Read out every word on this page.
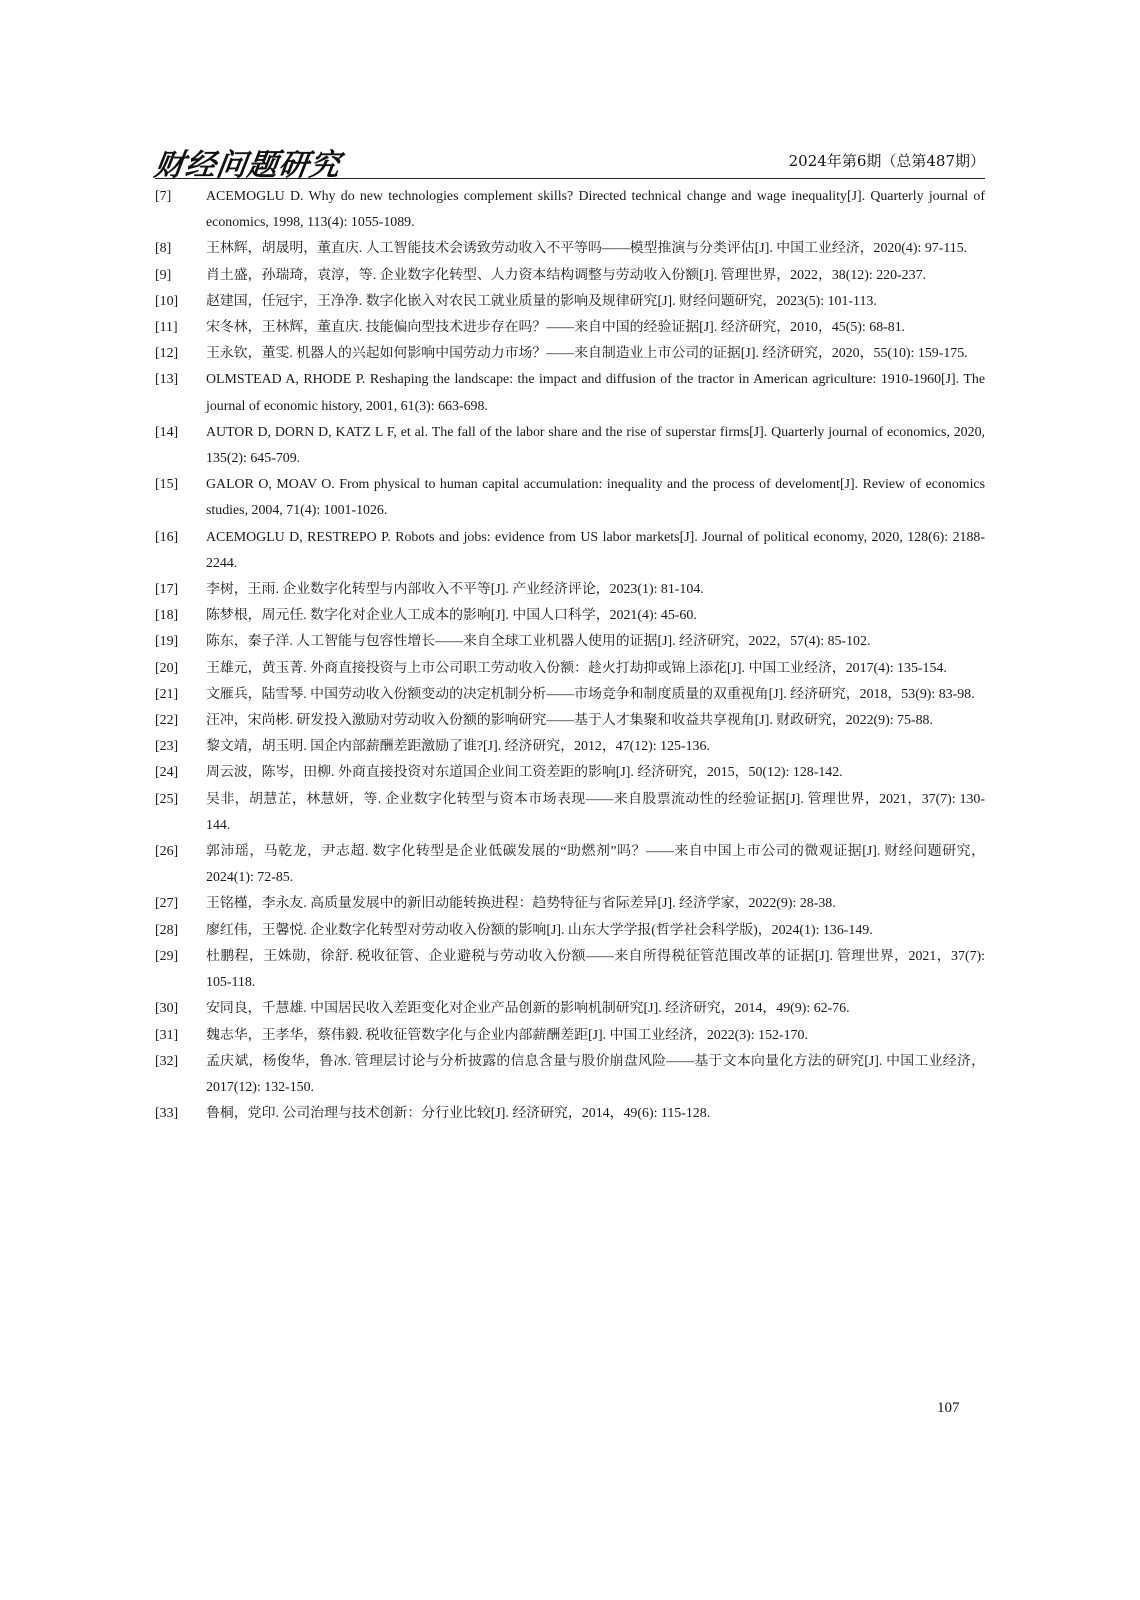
财经问题研究	2024年第6期（总第487期）
[7]	ACEMOGLU D. Why do new technologies complement skills? Directed technical change and wage inequality[J]. Quarterly journal of economics, 1998, 113(4): 1055-1089.
[8]	王林辉，胡晟明，董直庆. 人工智能技术会诱致劳动收入不平等吗——模型推演与分类评估[J]. 中国工业经济，2020(4): 97-115.
[9]	肖土盛，孙瑞琦，袁淳，等. 企业数字化转型、人力资本结构调整与劳动收入份额[J]. 管理世界，2022，38(12): 220-237.
[10] 赵建国，任冠宇，王净净. 数字化嵌入对农民工就业质量的影响及规律研究[J]. 财经问题研究，2023(5): 101-113.
[11] 宋冬林，王林辉，董直庆. 技能偏向型技术进步存在吗？——来自中国的经验证据[J]. 经济研究，2010，45(5): 68-81.
[12] 王永钦，董雯. 机器人的兴起如何影响中国劳动力市场？——来自制造业上市公司的证据[J]. 经济研究，2020，55(10): 159-175.
[13] OLMSTEAD A, RHODE P. Reshaping the landscape: the impact and diffusion of the tractor in American agriculture: 1910-1960[J]. The journal of economic history, 2001, 61(3): 663-698.
[14] AUTOR D, DORN D, KATZ L F, et al. The fall of the labor share and the rise of superstar firms[J]. Quarterly journal of economics, 2020, 135(2): 645-709.
[15] GALOR O, MOAV O. From physical to human capital accumulation: inequality and the process of develoment[J]. Review of economics studies, 2004, 71(4): 1001-1026.
[16] ACEMOGLU D, RESTREPO P. Robots and jobs: evidence from US labor markets[J]. Journal of political economy, 2020, 128(6): 2188-2244.
[17] 李树，王雨. 企业数字化转型与内部收入不平等[J]. 产业经济评论，2023(1): 81-104.
[18] 陈梦根，周元任. 数字化对企业人工成本的影响[J]. 中国人口科学，2021(4): 45-60.
[19] 陈东，秦子洋. 人工智能与包容性增长——来自全球工业机器人使用的证据[J]. 经济研究，2022，57(4): 85-102.
[20] 王雄元，黄玉菁. 外商直接投资与上市公司职工劳动收入份额：趁火打劫抑或锦上添花[J]. 中国工业经济，2017(4): 135-154.
[21] 文雁兵，陆雪琴. 中国劳动收入份额变动的决定机制分析——市场竞争和制度质量的双重视角[J]. 经济研究，2018，53(9): 83-98.
[22] 汪冲，宋尚彬. 研发投入激励对劳动收入份额的影响研究——基于人才集聚和收益共享视角[J]. 财政研究，2022(9): 75-88.
[23] 黎文靖，胡玉明. 国企内部薪酬差距激励了谁?[J]. 经济研究，2012，47(12): 125-136.
[24] 周云波，陈岑，田柳. 外商直接投资对东道国企业间工资差距的影响[J]. 经济研究，2015，50(12): 128-142.
[25] 吴非，胡慧芷，林慧妍，等. 企业数字化转型与资本市场表现——来自股票流动性的经验证据[J]. 管理世界，2021，37(7): 130-144.
[26] 郭沛瑶，马乾龙，尹志超. 数字化转型是企业低碳发展的“助燃剂”吗？——来自中国上市公司的微观证据[J]. 财经问题研究，2024(1): 72-85.
[27] 王铭槿，李永友. 高质量发展中的新旧动能转换进程：趋势特征与省际差异[J]. 经济学家，2022(9): 28-38.
[28] 廖红伟，王馨悦. 企业数字化转型对劳动收入份额的影响[J]. 山东大学学报(哲学社会科学版)，2024(1): 136-149.
[29] 杜鹏程，王姝勋，徐舒. 税收征管、企业避税与劳动收入份额——来自所得税征管范围改革的证据[J]. 管理世界，2021，37(7): 105-118.
[30] 安同良，千慧雄. 中国居民收入差距变化对企业产品创新的影响机制研究[J]. 经济研究，2014，49(9): 62-76.
[31] 魏志华，王孝华，蔡伟毅. 税收征管数字化与企业内部薪酬差距[J]. 中国工业经济，2022(3): 152-170.
[32] 孟庆斌，杨俊华，鲁冰. 管理层讨论与分析披露的信息含量与股价崩盘风险——基于文本向量化方法的研究[J]. 中国工业经济，2017(12): 132-150.
[33] 鲁桐，党印. 公司治理与技术创新：分行业比较[J]. 经济研究，2014，49(6): 115-128.
107
